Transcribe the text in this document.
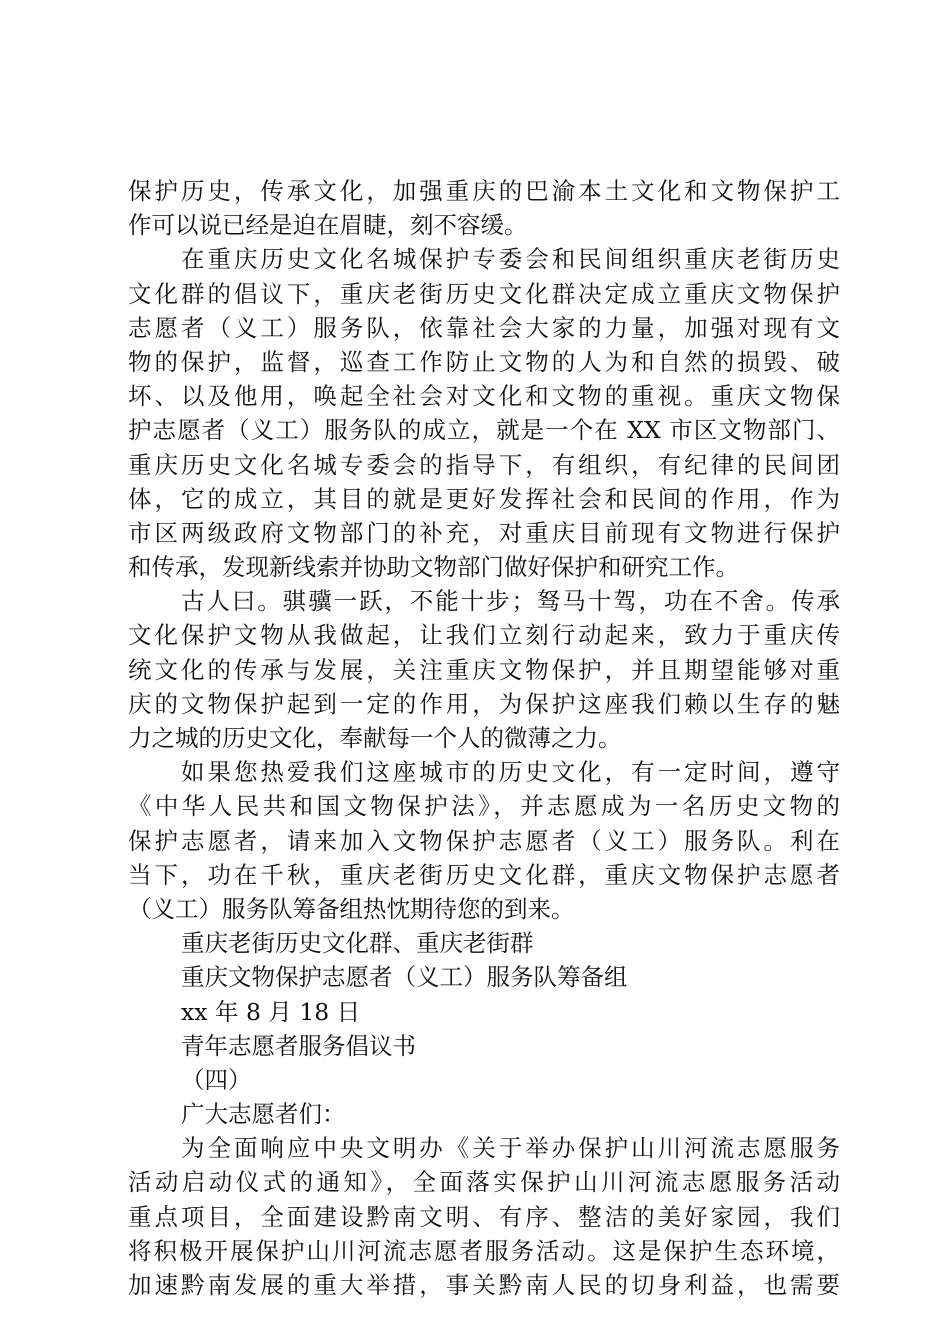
保护历史，传承文化，加强重庆的巴渝本土文化和文物保护工
作可以说已经是迫在眉睫，刻不容缓。
在重庆历史文化名城保护专委会和民间组织重庆老街历史
文化群的倡议下，重庆老街历史文化群决定成立重庆文物保护
志愿者（义工）服务队，依靠社会大家的力量，加强对现有文
物的保护，监督，巡查工作防止文物的人为和自然的损毁、破
坏、以及他用，唤起全社会对文化和文物的重视。重庆文物保
护志愿者（义工）服务队的成立，就是一个在 XX 市区文物部门、
重庆历史文化名城专委会的指导下，有组织，有纪律的民间团
体，它的成立，其目的就是更好发挥社会和民间的作用，作为
市区两级政府文物部门的补充，对重庆目前现有文物进行保护
和传承，发现新线索并协助文物部门做好保护和研究工作。
古人曰。骐骥一跃，不能十步；驽马十驾，功在不舍。传承
文化保护文物从我做起，让我们立刻行动起来，致力于重庆传
统文化的传承与发展，关注重庆文物保护，并且期望能够对重
庆的文物保护起到一定的作用，为保护这座我们赖以生存的魅
力之城的历史文化，奉献每一个人的微薄之力。
如果您热爱我们这座城市的历史文化，有一定时间，遵守
《中华人民共和国文物保护法》，并志愿成为一名历史文物的
保护志愿者，请来加入文物保护志愿者（义工）服务队。利在
当下，功在千秋，重庆老街历史文化群，重庆文物保护志愿者
（义工）服务队筹备组热忱期待您的到来。
重庆老街历史文化群、重庆老街群
重庆文物保护志愿者（义工）服务队筹备组
xx 年 8 月 18 日
青年志愿者服务倡议书
（四）
广大志愿者们：
为全面响应中央文明办《关于举办保护山川河流志愿服务
活动启动仪式的通知》，全面落实保护山川河流志愿服务活动
重点项目，全面建设黔南文明、有序、整洁的美好家园，我们
将积极开展保护山川河流志愿者服务活动。这是保护生态环境，
加速黔南发展的重大举措，事关黔南人民的切身利益，也需要
